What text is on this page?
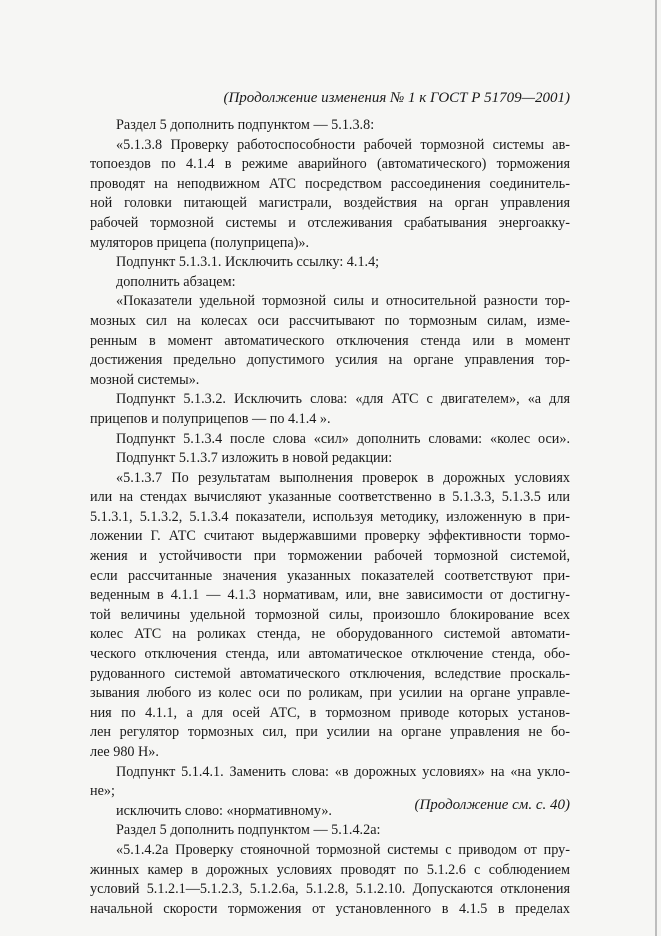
(Продолжение изменения № 1 к ГОСТ Р 51709—2001)
Раздел 5 дополнить подпунктом — 5.1.3.8:
«5.1.3.8 Проверку работоспособности рабочей тормозной системы ав-
топоездов по 4.1.4 в режиме аварийного (автоматического) торможения
проводят на неподвижном АТС посредством рассоединения соединитель-
ной головки питающей магистрали, воздействия на орган управления
рабочей тормозной системы и отслеживания срабатывания энергоакку-
муляторов прицепа (полуприцепа)».
Подпункт 5.1.3.1. Исключить ссылку: 4.1.4;
дополнить абзацем:
«Показатели удельной тормозной силы и относительной разности тор-
мозных сил на колесах оси рассчитывают по тормозным силам, изме-
ренным в момент автоматического отключения стенда или в момент
достижения предельно допустимого усилия на органе управления тор-
мозной системы».
Подпункт 5.1.3.2. Исключить слова: «для АТС с двигателем», «а для
прицепов и полуприцепов — по 4.1.4 ».
Подпункт 5.1.3.4 после слова «сил» дополнить словами: «колес оси».
Подпункт 5.1.3.7 изложить в новой редакции:
«5.1.3.7 По результатам выполнения проверок в дорожных условиях
или на стендах вычисляют указанные соответственно в 5.1.3.3, 5.1.3.5 или
5.1.3.1, 5.1.3.2, 5.1.3.4 показатели, используя методику, изложенную в при-
ложении Г. АТС считают выдержавшими проверку эффективности тормо-
жения и устойчивости при торможении рабочей тормозной системой,
если рассчитанные значения указанных показателей соответствуют при-
веденным в 4.1.1 — 4.1.3 нормативам, или, вне зависимости от достигну-
той величины удельной тормозной силы, произошло блокирование всех
колес АТС на роликах стенда, не оборудованного системой автомати-
ческого отключения стенда, или автоматическое отключение стенда, обо-
рудованного системой автоматического отключения, вследствие проскаль-
зывания любого из колес оси по роликам, при усилии на органе управле-
ния по 4.1.1, а для осей АТС, в тормозном приводе которых установ-
лен регулятор тормозных сил, при усилии на органе управления не бо-
лее 980 Н».
Подпункт 5.1.4.1. Заменить слова: «в дорожных условиях» на «на укло-
не»;
исключить слово: «нормативному».
Раздел 5 дополнить подпунктом — 5.1.4.2а:
«5.1.4.2а Проверку стояночной тормозной системы с приводом от пру-
жинных камер в дорожных условиях проводят по 5.1.2.6 с соблюдением
условий 5.1.2.1—5.1.2.3, 5.1.2.6а, 5.1.2.8, 5.1.2.10. Допускаются отклонения
начальной скорости торможения от установленного в 4.1.5 в пределах
(Продолжение см. с. 40)
